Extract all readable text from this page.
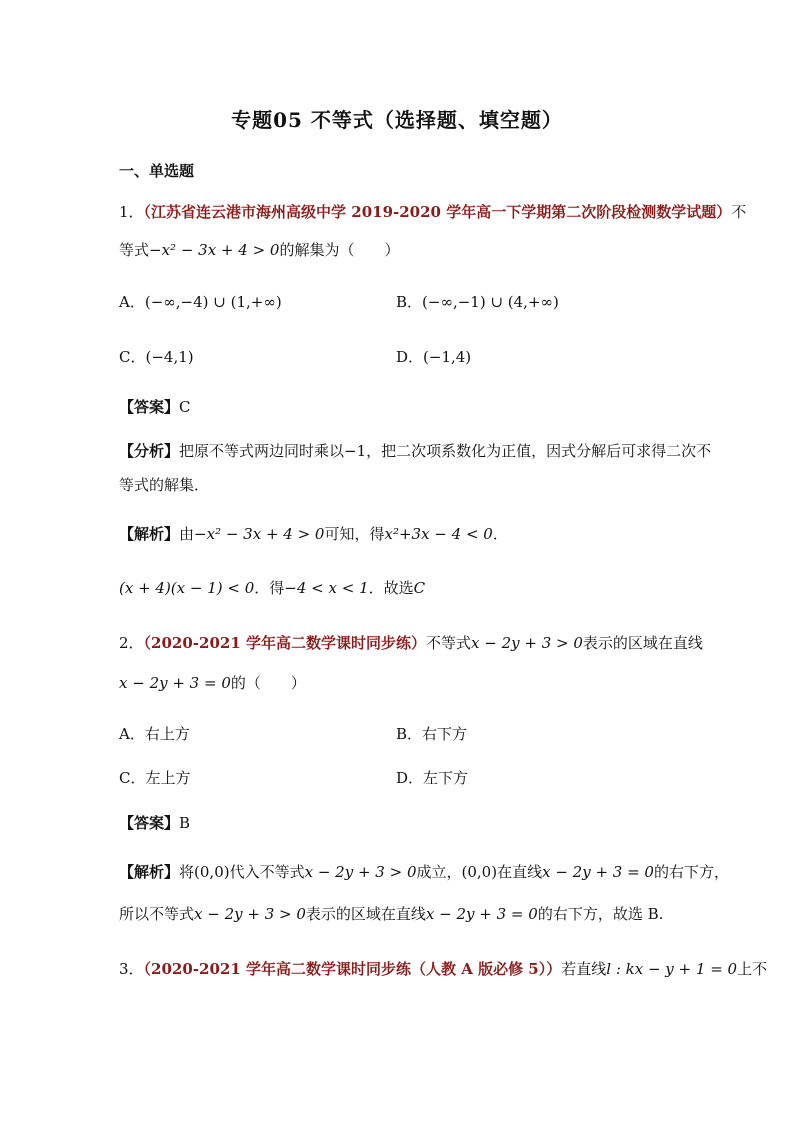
专题05 不等式（选择题、填空题）
一、单选题
1．（江苏省连云港市海州高级中学 2019-2020 学年高一下学期第二次阶段检测数学试题）不
等式−x² − 3x + 4 > 0的解集为（　　）
A．(−∞,−4) ∪ (1,+∞)	B．(−∞,−1) ∪ (4,+∞)
C．(−4,1)	D．(−1,4)
【答案】C
【分析】把原不等式两边同时乘以−1，把二次项系数化为正值，因式分解后可求得二次不
等式的解集．
【解析】由−x² − 3x + 4 > 0可知，得x²+3x − 4 < 0．
(x + 4)(x − 1) < 0．得−4 < x < 1．故选C
2．（2020-2021 学年高二数学课时同步练）不等式x − 2y + 3 > 0表示的区域在直线
x − 2y + 3 = 0的（　　）
A．右上方	B．右下方
C．左上方	D．左下方
【答案】B
【解析】将(0,0)代入不等式x − 2y + 3 > 0成立，(0,0)在直线x − 2y + 3 = 0的右下方，
所以不等式x − 2y + 3 > 0表示的区域在直线x − 2y + 3 = 0的右下方，故选 B.
3．（2020-2021 学年高二数学课时同步练（人教 A 版必修 5））若直线l : kx − y + 1 = 0上不
